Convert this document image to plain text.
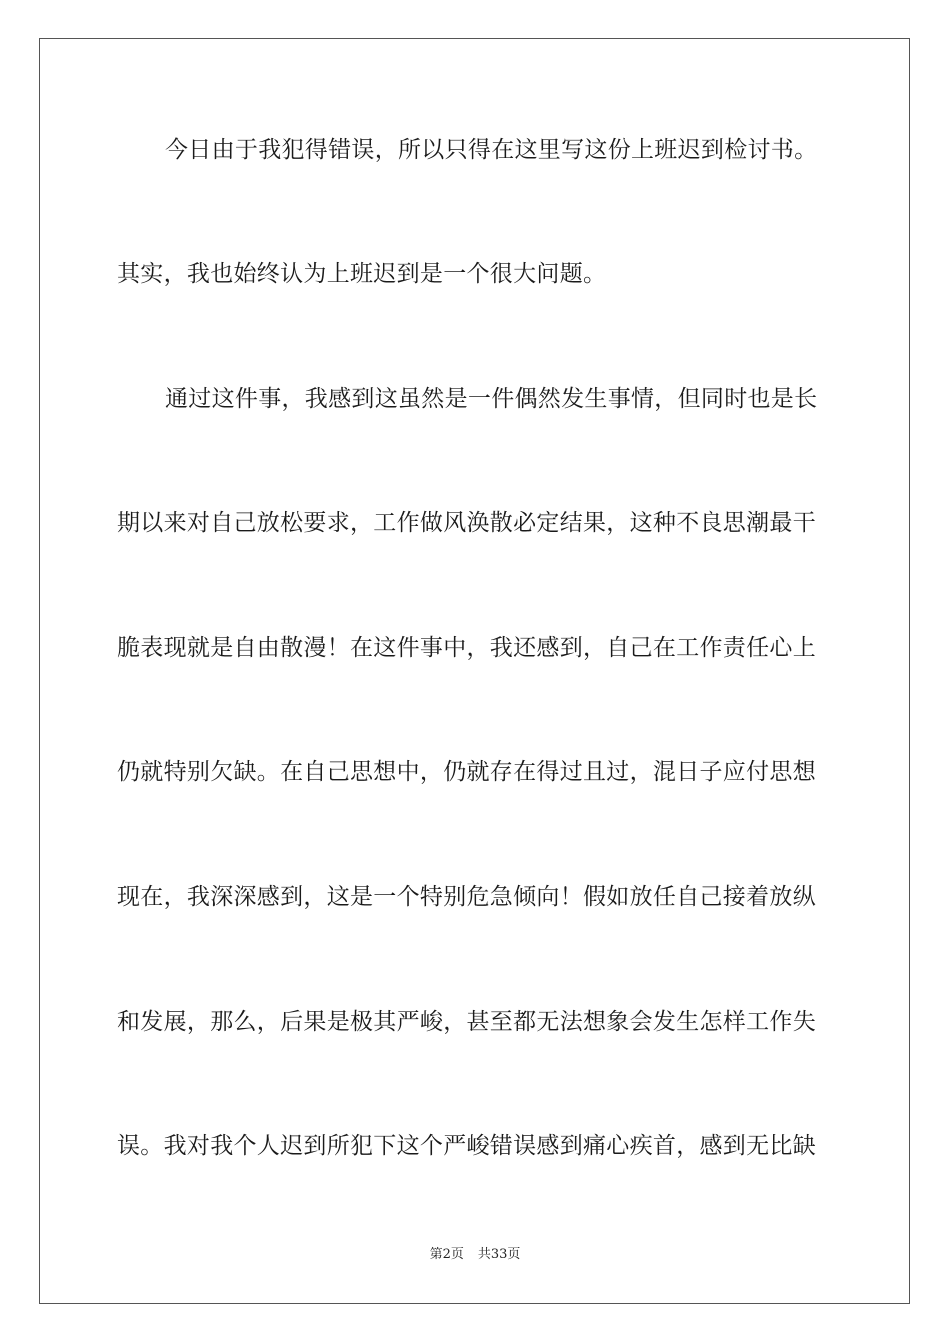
今日由于我犯得错误，所以只得在这里写这份上班迟到检讨书。
其实，我也始终认为上班迟到是一个很大问题。
通过这件事，我感到这虽然是一件偶然发生事情，但同时也是长
期以来对自己放松要求，工作做风涣散必定结果，这种不良思潮最干
脆表现就是自由散漫！在这件事中，我还感到，自己在工作责任心上
仍就特别欠缺。在自己思想中，仍就存在得过且过，混日子应付思想
现在，我深深感到，这是一个特别危急倾向！假如放任自己接着放纵
和发展，那么，后果是极其严峻，甚至都无法想象会发生怎样工作失
误。我对我个人迟到所犯下这个严峻错误感到痛心疾首，感到无比缺
第2页 共33页
